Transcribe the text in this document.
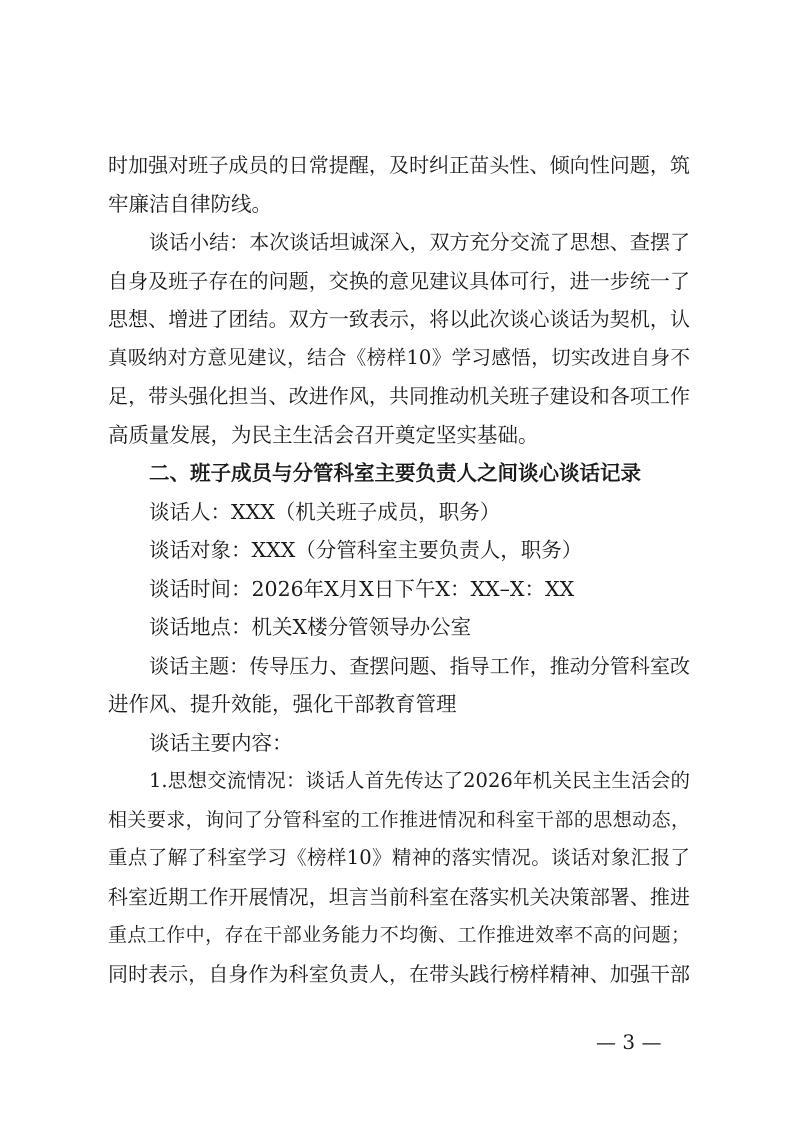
时加强对班子成员的日常提醒，及时纠正苗头性、倾向性问题，筑
牢廉洁自律防线。
谈话小结：本次谈话坦诚深入，双方充分交流了思想、查摆了
自身及班子存在的问题，交换的意见建议具体可行，进一步统一了
思想、增进了团结。双方一致表示，将以此次谈心谈话为契机，认
真吸纳对方意见建议，结合《榜样10》学习感悟，切实改进自身不
足，带头强化担当、改进作风，共同推动机关班子建设和各项工作
高质量发展，为民主生活会召开奠定坚实基础。
二、班子成员与分管科室主要负责人之间谈心谈话记录
谈话人：XXX（机关班子成员，职务）
谈话对象：XXX（分管科室主要负责人，职务）
谈话时间：2026年X月X日下午X：XX–X：XX
谈话地点：机关X楼分管领导办公室
谈话主题：传导压力、查摆问题、指导工作，推动分管科室改
进作风、提升效能，强化干部教育管理
谈话主要内容：
1.思想交流情况：谈话人首先传达了2026年机关民主生活会的
相关要求，询问了分管科室的工作推进情况和科室干部的思想动态，
重点了解了科室学习《榜样10》精神的落实情况。谈话对象汇报了
科室近期工作开展情况，坦言当前科室在落实机关决策部署、推进
重点工作中，存在干部业务能力不均衡、工作推进效率不高的问题；
同时表示，自身作为科室负责人，在带头践行榜样精神、加强干部
— 3 —
